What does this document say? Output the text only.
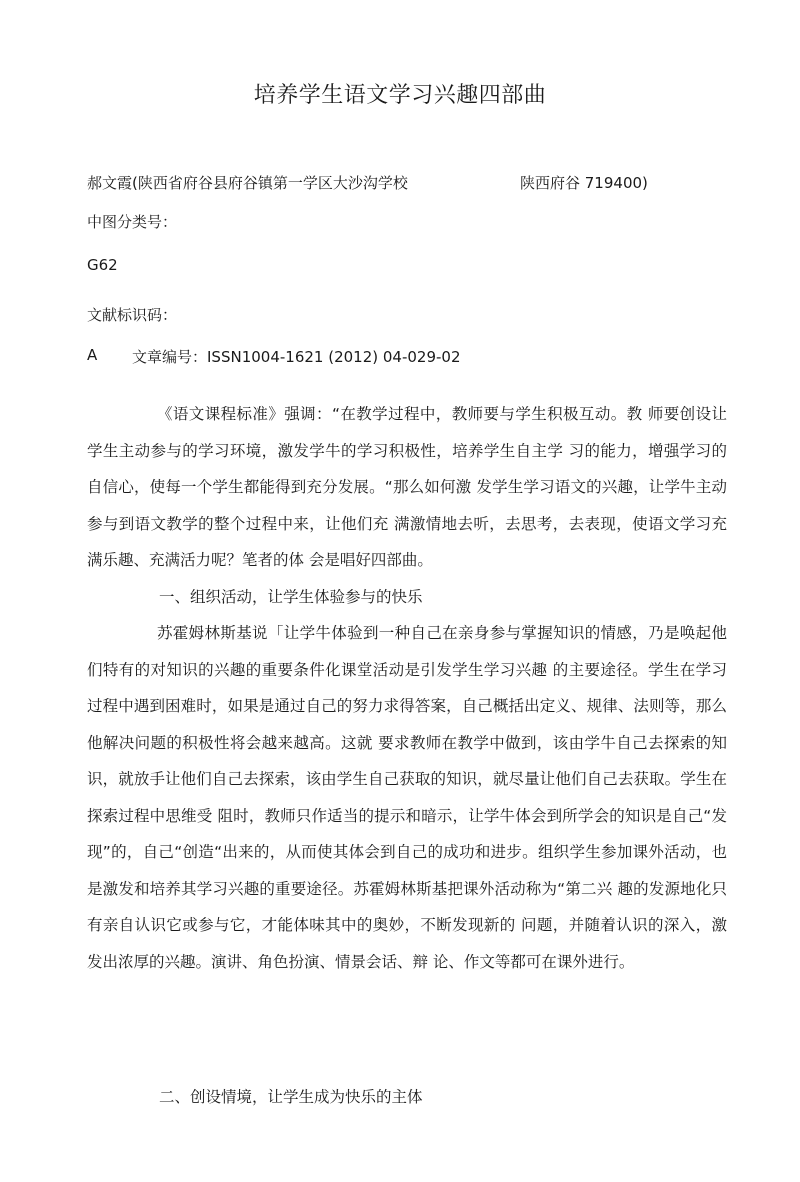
培养学生语文学习兴趣四部曲
郝文霞(陕西省府谷县府谷镇第一学区大沙沟学校	陕西府谷 719400)
中图分类号：
G62
文献标识码：
A 文章编号：ISSN1004-1621 (2012) 04-029-02

《语文课程标准》强调：“在教学过程中，教师要与学生积极互动。教 师要创设让学生主动参与的学习环境，激发学牛的学习积极性，培养学生自主学 习的能力，增强学习的自信心，使每一个学生都能得到充分发展。“那么如何激 发学生学习语文的兴趣，让学牛主动参与到语文教学的整个过程中来，让他们充 满激情地去听，去思考，去表现，使语文学习充满乐趣、充满活力呢？笔者的体 会是唱好四部曲。

一、组织活动，让学生体验参与的快乐

苏霍姆林斯基说「让学牛体验到一种自己在亲身参与掌握知识的情感，乃是唤起他们特有的对知识的兴趣的重要条件化课堂活动是引发学生学习兴趣 的主要途径。学生在学习过程中遇到困难时，如果是通过自己的努力求得答案，自己概括出定义、规律、法则等，那么他解决问题的积极性将会越来越高。这就 要求教师在教学中做到，该由学牛自己去探索的知识，就放手让他们自己去探索，该由学生自己获取的知识，就尽量让他们自己去获取。学生在探索过程中思维受 阻时，教师只作适当的提示和暗示，让学牛体会到所学会的知识是自己“发现”的，自己“创造“出来的，从而使其体会到自己的成功和进步。组织学生参加课外活动，也是激发和培养其学习兴趣的重要途径。苏霍姆林斯基把课外活动称为“第二兴 趣的发源地化只有亲自认识它或参与它，才能体味其中的奥妙，不断发现新的 问题，并随着认识的深入，激发出浓厚的兴趣。演讲、角色扮演、情景会话、辩 论、作文等都可在课外进行。

二、创设情境，让学生成为快乐的主体
